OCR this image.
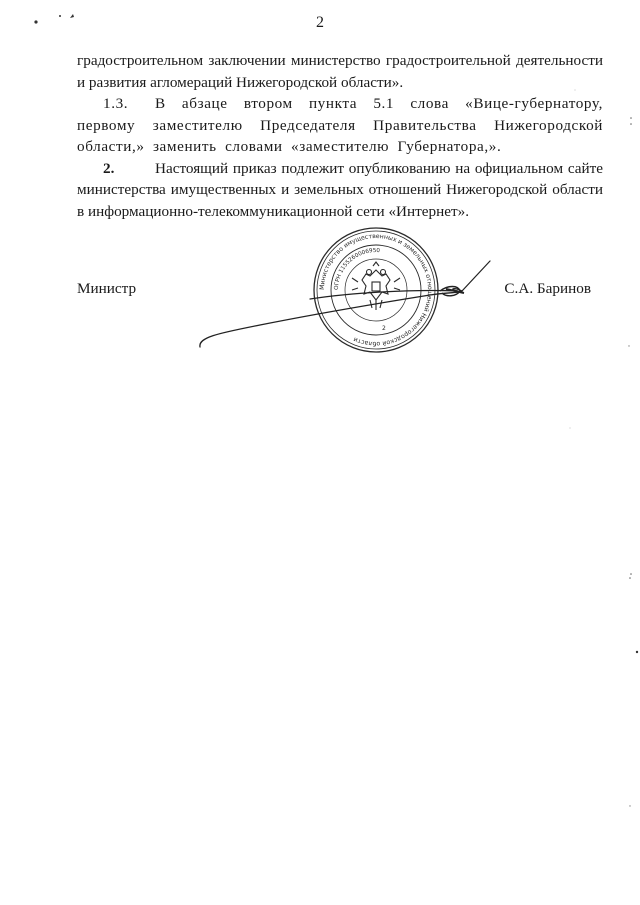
2

градостроительном заключении министерство градостроительной деятельности и развития агломераций Нижегородской области».

1.3. В абзаце втором пункта 5.1 слова «Вице-губернатору, первому заместителю Председателя Правительства Нижегородской области,» заменить словами «заместителю Губернатора,».

2.	Настоящий приказ подлежит опубликованию на официальном сайте министерства имущественных и земельных отношений Нижегородской области в информационно-телекоммуникационной сети «Интернет».

Министр	С.А. Баринов
Министерство имущественных и земельных отношений Нижегородской области
ОГРН 1155260006950
2
